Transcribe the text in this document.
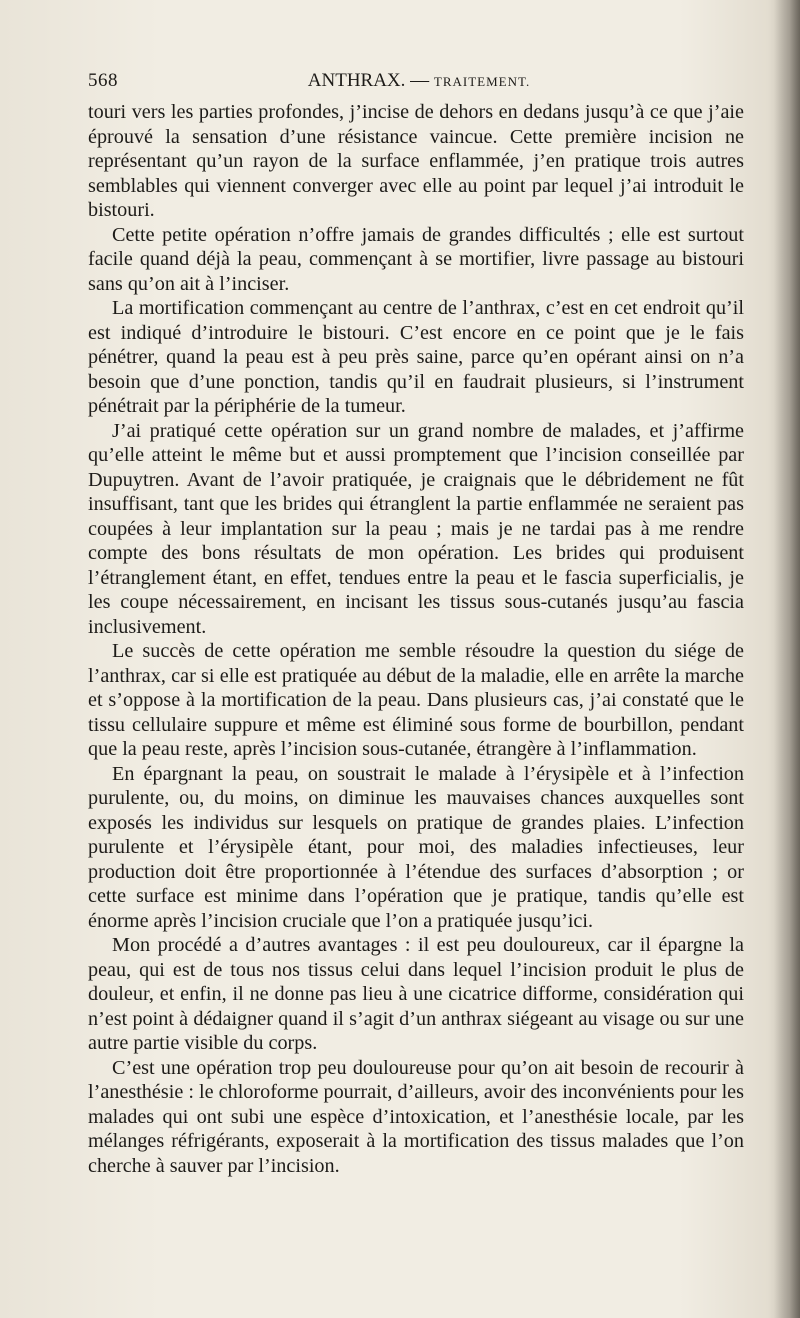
568	ANTHRAX. — TRAITEMENT.

touri vers les parties profondes, j’incise de dehors en dedans jusqu’à ce que j’aie éprouvé la sensation d’une résistance vaincue. Cette première incision ne représentant qu’un rayon de la surface enflammée, j’en pratique trois autres semblables qui viennent converger avec elle au point par lequel j’ai introduit le bistouri.

Cette petite opération n’offre jamais de grandes difficultés ; elle est surtout facile quand déjà la peau, commençant à se mortifier, livre passage au bistouri sans qu’on ait à l’inciser.

La mortification commençant au centre de l’anthrax, c’est en cet endroit qu’il est indiqué d’introduire le bistouri. C’est encore en ce point que je le fais pénétrer, quand la peau est à peu près saine, parce qu’en opérant ainsi on n’a besoin que d’une ponction, tandis qu’il en faudrait plusieurs, si l’instrument pénétrait par la périphérie de la tumeur.

J’ai pratiqué cette opération sur un grand nombre de malades, et j’affirme qu’elle atteint le même but et aussi promptement que l’incision conseillée par Dupuytren. Avant de l’avoir pratiquée, je craignais que le débridement ne fût insuffisant, tant que les brides qui étranglent la partie enflammée ne seraient pas coupées à leur implantation sur la peau ; mais je ne tardai pas à me rendre compte des bons résultats de mon opération. Les brides qui produisent l’étranglement étant, en effet, tendues entre la peau et le fascia superficialis, je les coupe nécessairement, en incisant les tissus sous-cutanés jusqu’au fascia inclusivement.

Le succès de cette opération me semble résoudre la question du siége de l’anthrax, car si elle est pratiquée au début de la maladie, elle en arrête la marche et s’oppose à la mortification de la peau. Dans plusieurs cas, j’ai constaté que le tissu cellulaire suppure et même est éliminé sous forme de bourbillon, pendant que la peau reste, après l’incision sous-cutanée, étrangère à l’inflammation.

En épargnant la peau, on soustrait le malade à l’érysipèle et à l’infection purulente, ou, du moins, on diminue les mauvaises chances auxquelles sont exposés les individus sur lesquels on pratique de grandes plaies. L’infection purulente et l’érysipèle étant, pour moi, des maladies infectieuses, leur production doit être proportionnée à l’étendue des surfaces d’absorption ; or cette surface est minime dans l’opération que je pratique, tandis qu’elle est énorme après l’incision cruciale que l’on a pratiquée jusqu’ici.

Mon procédé a d’autres avantages : il est peu douloureux, car il épargne la peau, qui est de tous nos tissus celui dans lequel l’incision produit le plus de douleur, et enfin, il ne donne pas lieu à une cicatrice difforme, considération qui n’est point à dédaigner quand il s’agit d’un anthrax siégeant au visage ou sur une autre partie visible du corps.

C’est une opération trop peu douloureuse pour qu’on ait besoin de recourir à l’anesthésie : le chloroforme pourrait, d’ailleurs, avoir des inconvénients pour les malades qui ont subi une espèce d’intoxication, et l’anesthésie locale, par les mélanges réfrigérants, exposerait à la mortification des tissus malades que l’on cherche à sauver par l’incision.
